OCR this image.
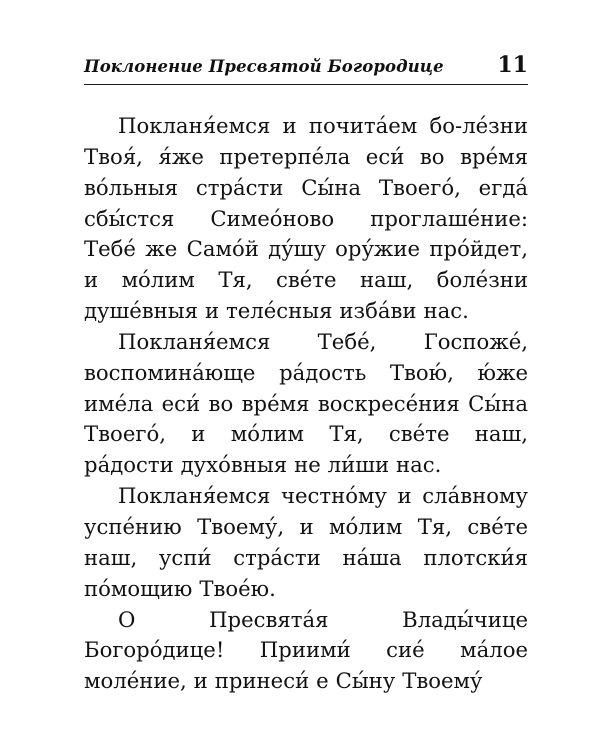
Поклонение Пресвятой Богородице 11

Покланя́емся и почита́ем бо-ле́зни Твоя́, я́же претерпе́ла еси́ во вре́мя во́льныя стра́сти Сы́на Твоего́, егда́ сбы́стся Симео́ново проглаше́ние: Тебе́ же Само́й ду́шу ору́жие про́йдет, и мо́лим Тя, све́те наш, боле́зни душе́вныя и теле́сныя изба́ви нас.

Покланя́емся Тебе́, Госпоже́, воспомина́юще ра́дость Твою́, ю́же име́ла еси́ во вре́мя воскресе́ния Сы́на Твоего́, и мо́лим Тя, све́те наш, ра́дости духо́вныя не ли́ши нас.

Покланя́емся честно́му и сла́вному успе́нию Твоему́, и мо́лим Тя, све́те наш, успи́ стра́сти на́ша плотски́я по́мощию Твое́ю.

О Пресвята́я Влады́чице Богоро́дице! Приими́ сие́ ма́лое моле́ние, и принеси́ е Сы́ну Твоему́
